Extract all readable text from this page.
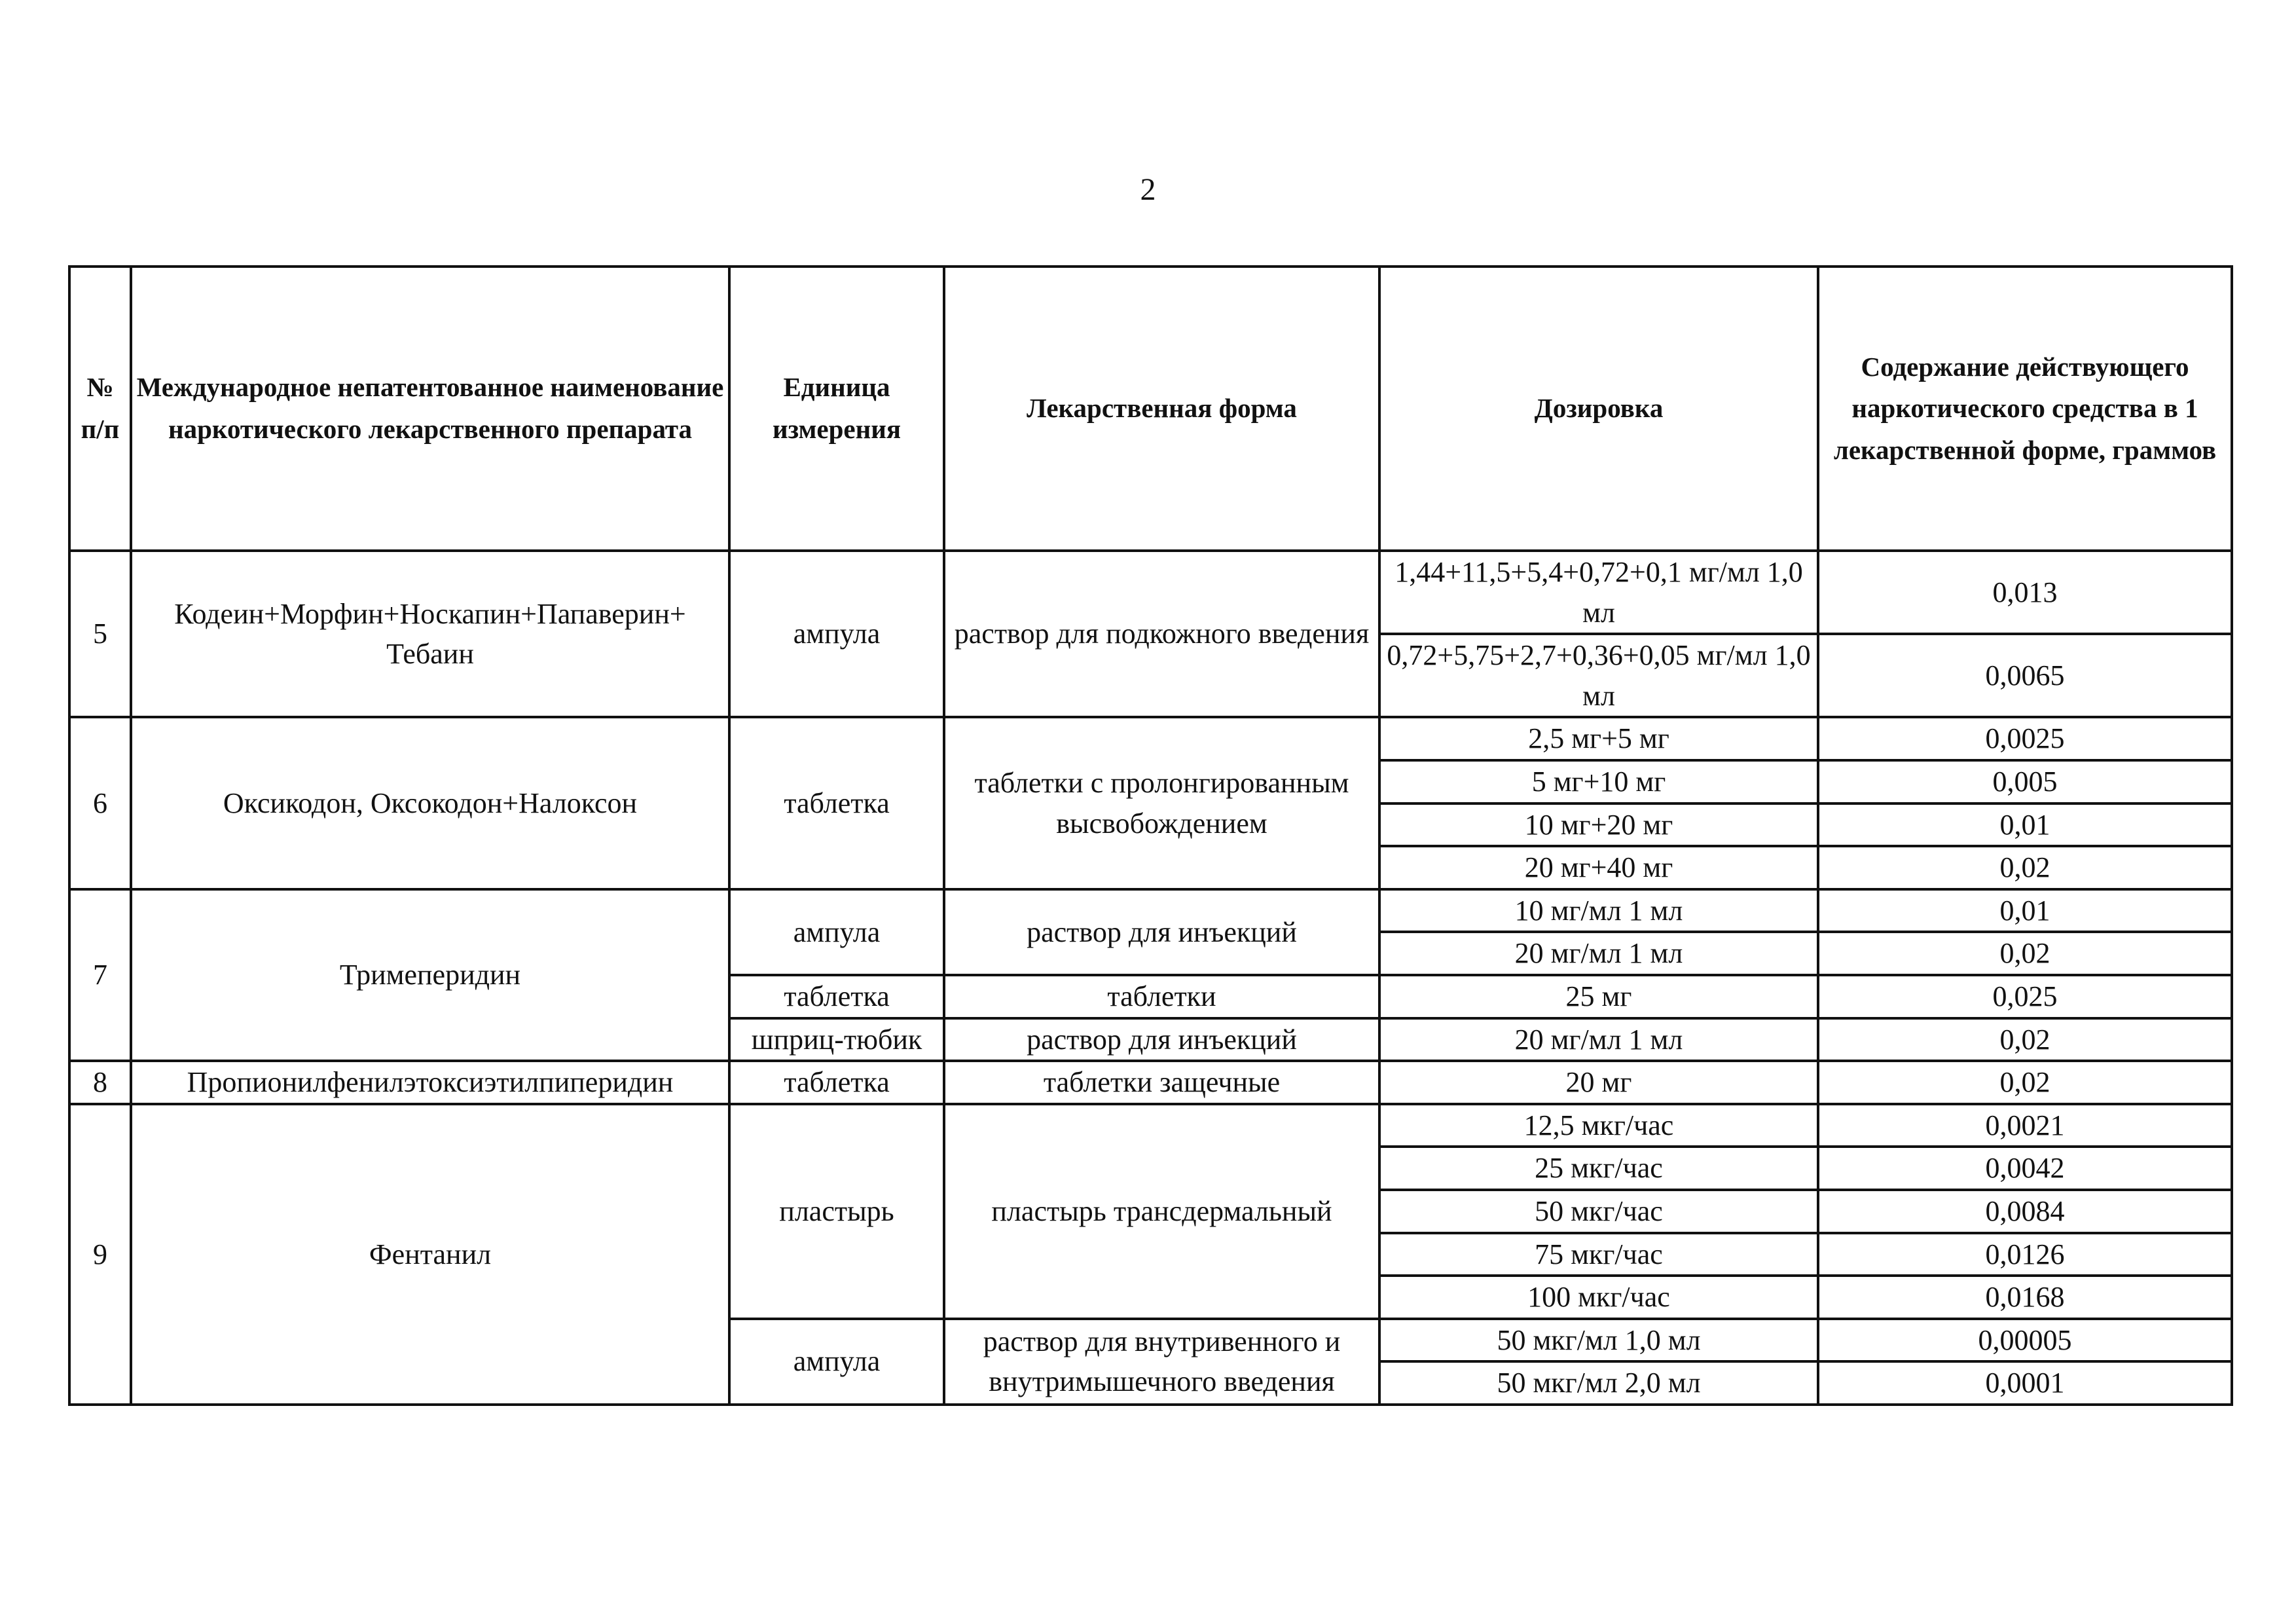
2
№ п/п	Международное непатентованное наименование наркотического лекарственного препарата	Единица измерения	Лекарственная форма	Дозировка	Содержание действующего наркотического средства в 1 лекарственной форме, граммов
5	Кодеин+Морфин+Носкапин+Папаверин+ Тебаин	ампула	раствор для подкожного введения	1,44+11,5+5,4+0,72+0,1 мг/мл 1,0 мл	0,013
				0,72+5,75+2,7+0,36+0,05 мг/мл 1,0 мл	0,0065
6	Оксикодон, Оксокодон+Налоксон	таблетка	таблетки с пролонгированным высвобождением	2,5 мг+5 мг	0,0025
				5 мг+10 мг	0,005
				10 мг+20 мг	0,01
				20 мг+40 мг	0,02
7	Тримеперидин	ампула	раствор для инъекций	10 мг/мл 1 мл	0,01
				20 мг/мл 1 мл	0,02
		таблетка	таблетки	25 мг	0,025
		шприц-тюбик	раствор для инъекций	20 мг/мл 1 мл	0,02
8	Пропионилфенилэтоксиэтилпиперидин	таблетка	таблетки защечные	20 мг	0,02
9	Фентанил	пластырь	пластырь трансдермальный	12,5 мкг/час	0,0021
				25 мкг/час	0,0042
				50 мкг/час	0,0084
				75 мкг/час	0,0126
				100 мкг/час	0,0168
		ампула	раствор для внутривенного и внутримышечного введения	50 мкг/мл 1,0 мл	0,00005
				50 мкг/мл 2,0 мл	0,0001
